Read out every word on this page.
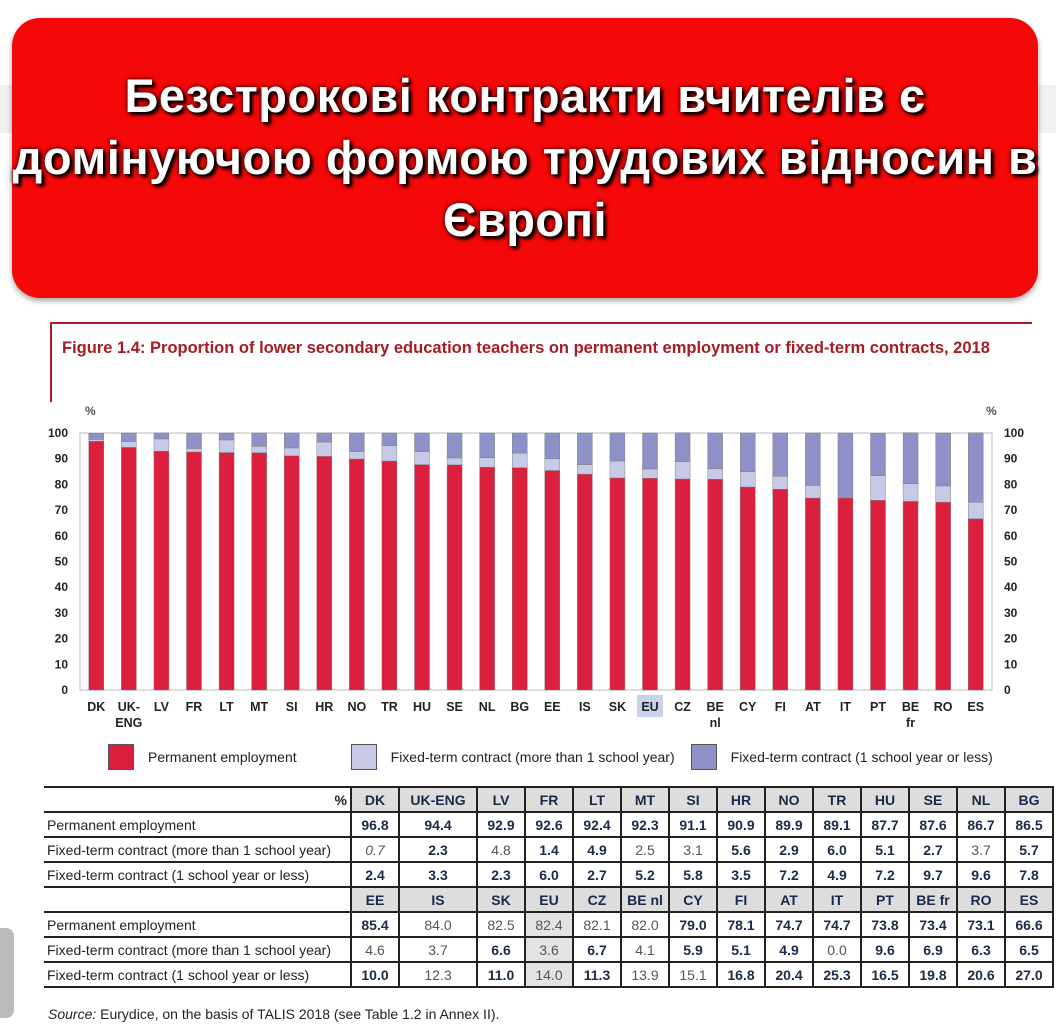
Безстрокові контракти вчителів є домінуючою формою трудових відносин в Європі
Figure 1.4: Proportion of lower secondary education teachers on permanent employment or fixed-term contracts, 2018
0	0
10	10
20	20
30	30
40	40
50	50
60	60
70	70
80	80
90	90
100	100
%	%
DK UK-
ENG
LV FR LT MT SI HR NO TR HU SE NL BG EE IS SK EU CZ BE
nl
CY FI AT IT PT BE
fr
RO ES
Permanent employment	Fixed-term contract (more than 1 school year)	Fixed-term contract (1 school year or less)
%	DK	UK-ENG	LV	FR	LT	MT	SI	HR	NO	TR	HU	SE	NL	BG
Permanent employment	96.8	94.4	92.9	92.6	92.4	92.3	91.1	90.9	89.9	89.1	87.7	87.6	86.7	86.5
Fixed-term contract (more than 1 school year)	0.7	2.3	4.8	1.4	4.9	2.5	3.1	5.6	2.9	6.0	5.1	2.7	3.7	5.7
Fixed-term contract (1 school year or less)	2.4	3.3	2.3	6.0	2.7	5.2	5.8	3.5	7.2	4.9	7.2	9.7	9.6	7.8
	EE	IS	SK	EU	CZ	BE nl	CY	FI	AT	IT	PT	BE fr	RO	ES
Permanent employment	85.4	84.0	82.5	82.4	82.1	82.0	79.0	78.1	74.7	74.7	73.8	73.4	73.1	66.6
Fixed-term contract (more than 1 school year)	4.6	3.7	6.6	3.6	6.7	4.1	5.9	5.1	4.9	0.0	9.6	6.9	6.3	6.5
Fixed-term contract (1 school year or less)	10.0	12.3	11.0	14.0	11.3	13.9	15.1	16.8	20.4	25.3	16.5	19.8	20.6	27.0
Source: Eurydice, on the basis of TALIS 2018 (see Table 1.2 in Annex II).
